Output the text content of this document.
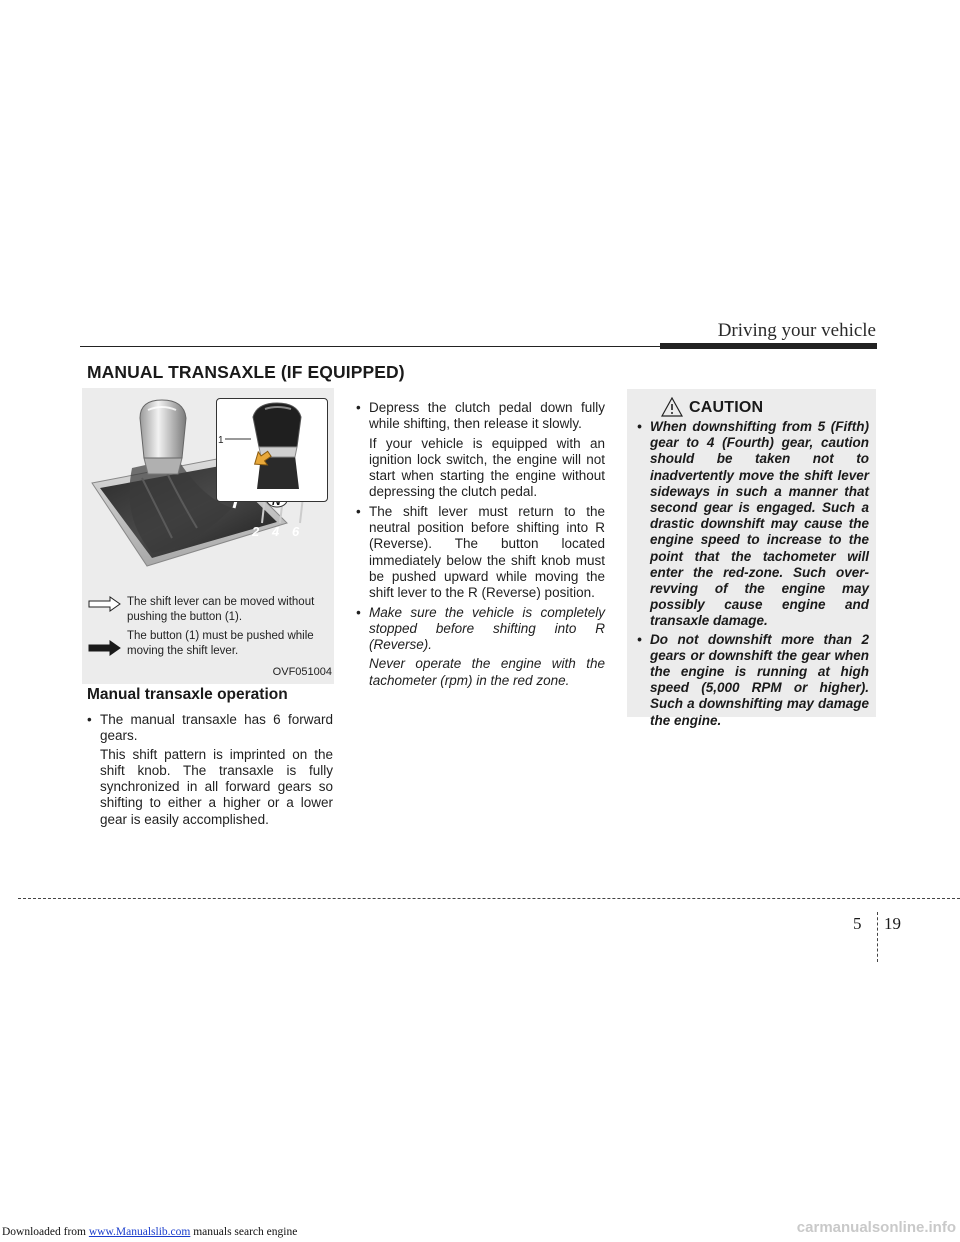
Driving your vehicle
MANUAL TRANSAXLE (IF EQUIPPED)
2 4 6
1
The shift lever can be moved without pushing the button (1).
The button (1) must be pushed while moving the shift lever.
OVF051004
Manual transaxle operation

• The manual transaxle has 6 forward gears.

This shift pattern is imprinted on the shift knob. The transaxle is fully synchronized in all forward gears so shifting to either a higher or a lower gear is easily accomplished.

• Depress the clutch pedal down fully while shifting, then release it slowly.

If your vehicle is equipped with an ignition lock switch, the engine will not start when starting the engine without depressing the clutch pedal.

• The shift lever must return to the neutral position before shifting into R (Reverse). The button located immediately below the shift knob must be pushed upward while moving the shift lever to the R (Reverse) position.

• Make sure the vehicle is completely stopped before shifting into R (Reverse).

Never operate the engine with the tachometer (rpm) in the red zone.

CAUTION

• When downshifting from 5 (Fifth) gear to 4 (Fourth) gear, caution should be taken not to inadvertently move the shift lever sideways in such a manner that second gear is engaged. Such a drastic downshift may cause the engine speed to increase to the point that the tachometer will enter the red-zone. Such over-revving of the engine may possibly cause engine and transaxle damage.

• Do not downshift more than 2 gears or downshift the gear when the engine is running at high speed (5,000 RPM or higher). Such a downshifting may damage the engine.

5 19
Downloaded from www.Manualslib.com manuals search engine	carmanualsonline.info
